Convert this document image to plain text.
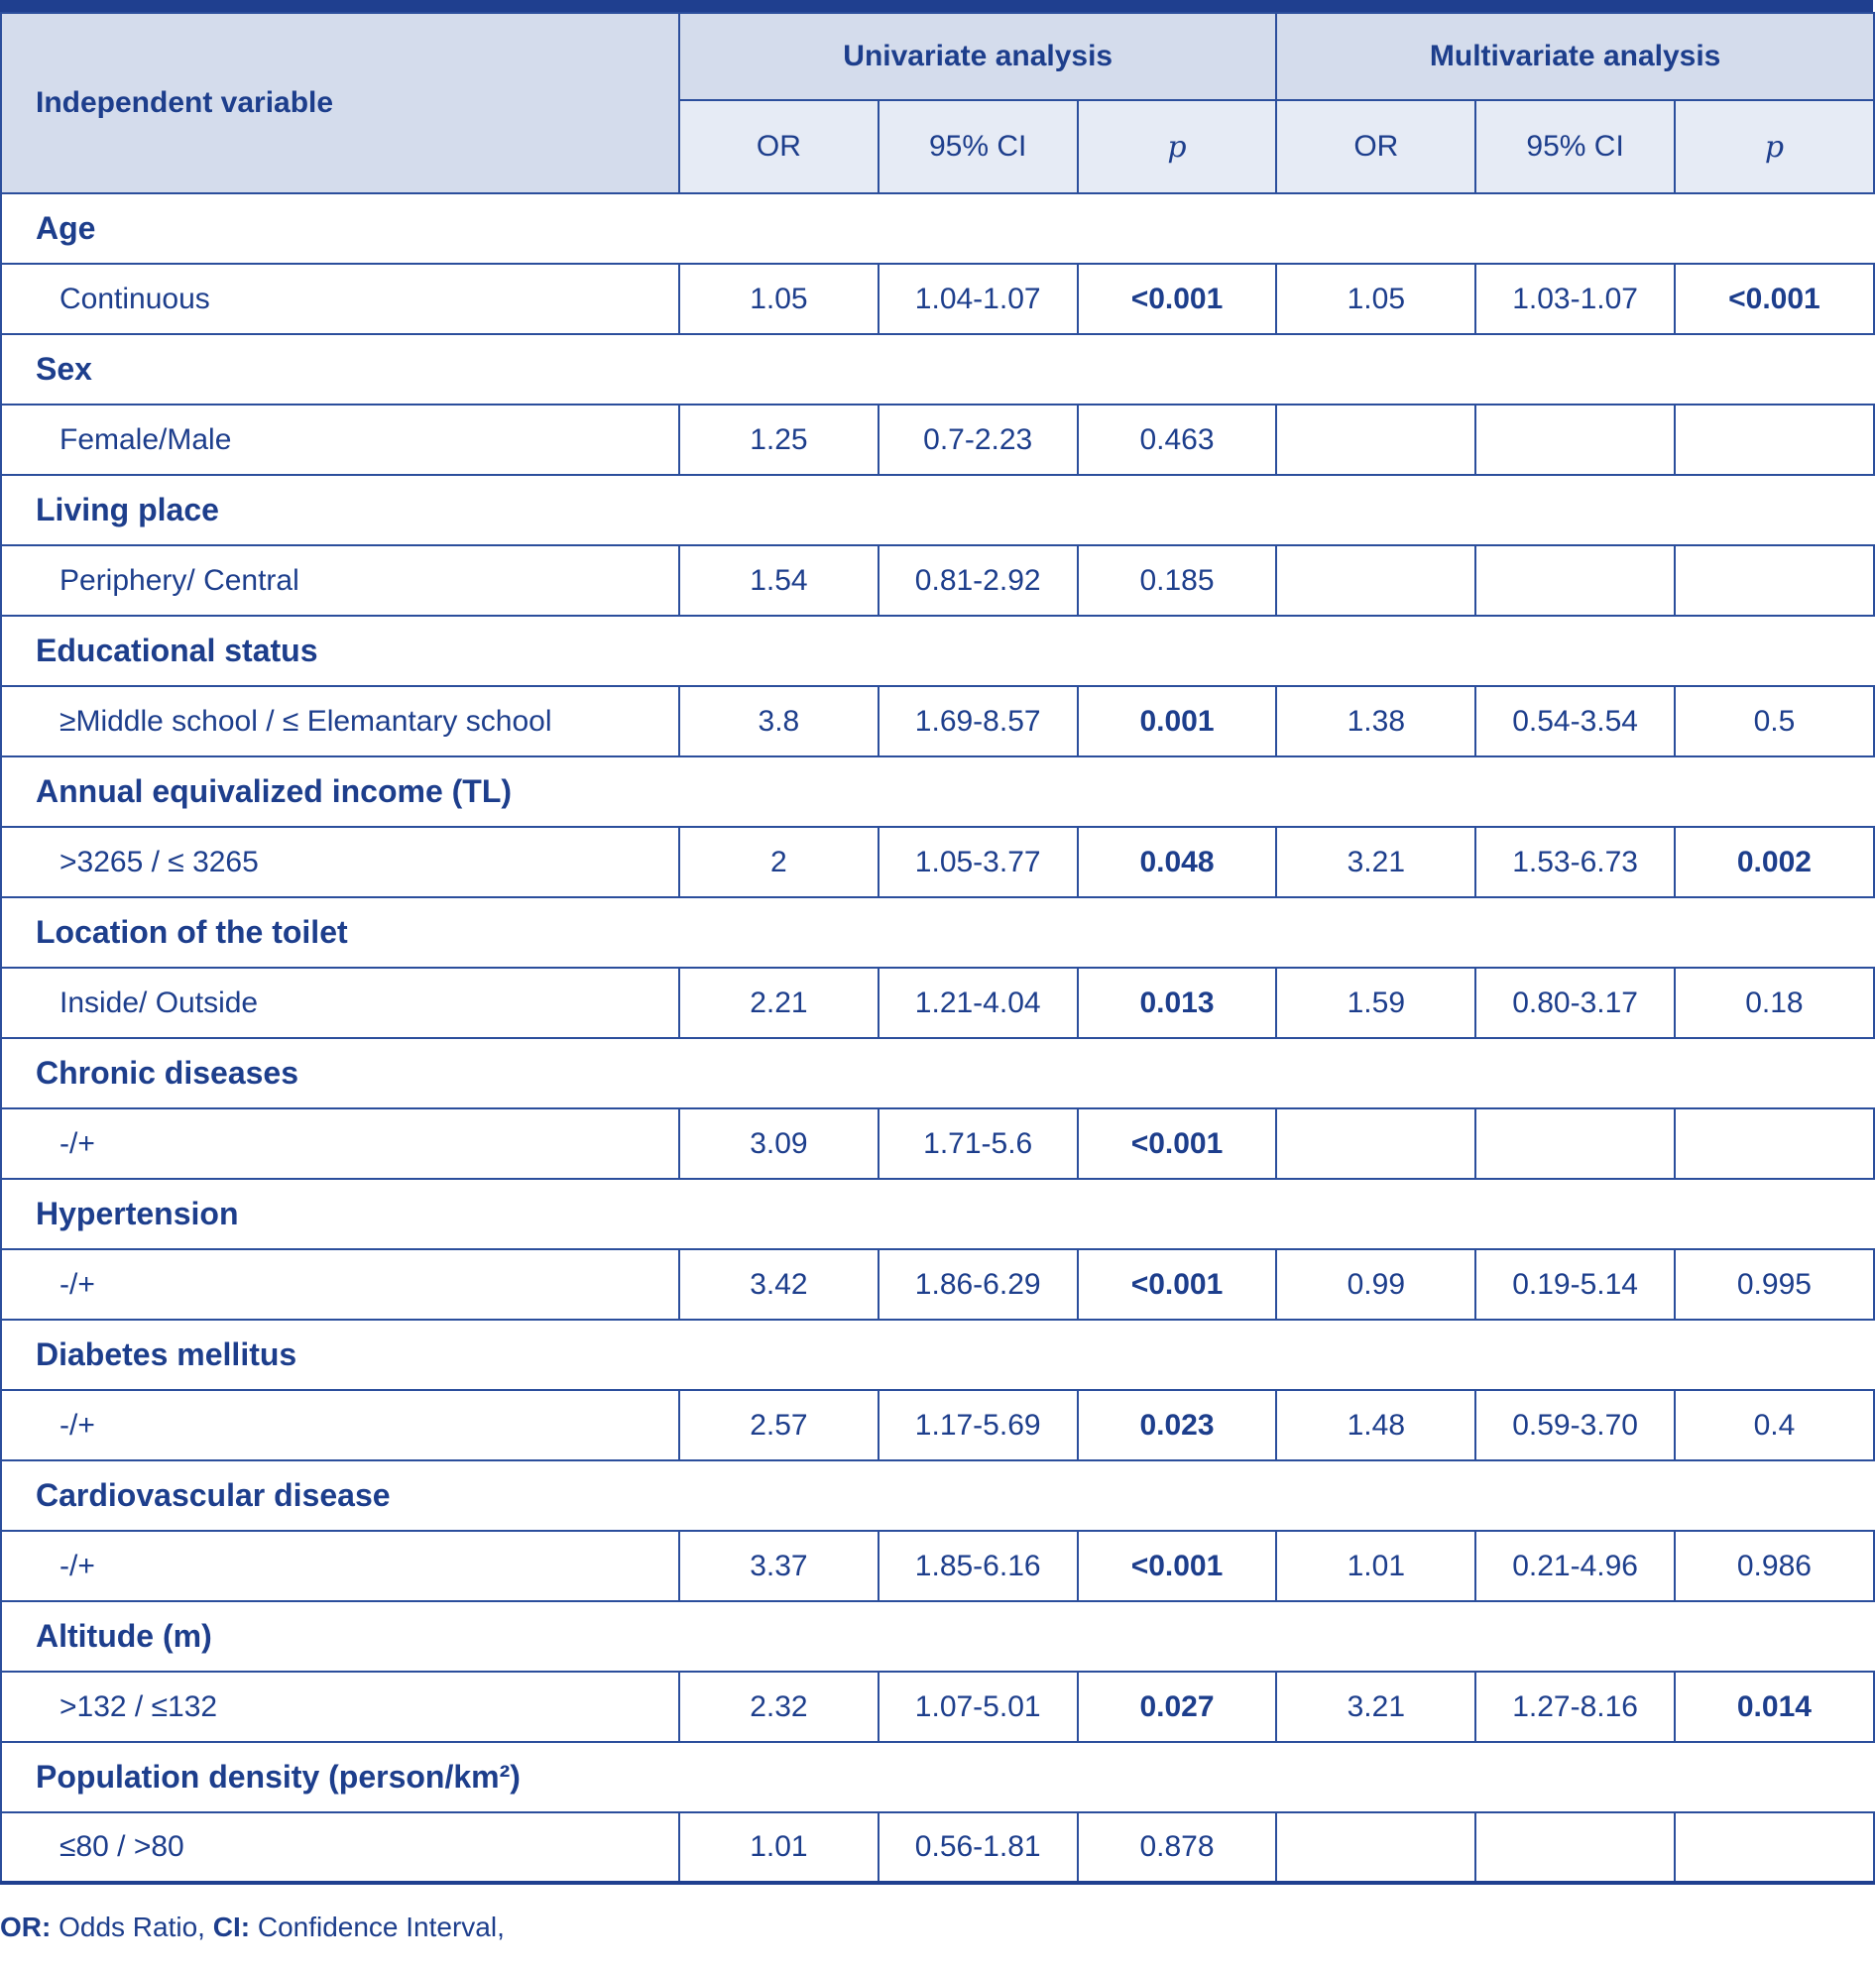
Independent variable	Univariate analysis			Multivariate analysis		
	OR	95% CI	p	OR	95% CI	p
Age						
Continuous	1.05	1.04-1.07	<0.001	1.05	1.03-1.07	<0.001
Sex						
Female/Male	1.25	0.7-2.23	0.463			
Living place						
Periphery/ Central	1.54	0.81-2.92	0.185			
Educational status						
≥Middle school / ≤ Elemantary school	3.8	1.69-8.57	0.001	1.38	0.54-3.54	0.5
Annual equivalized income (TL)						
>3265 / ≤ 3265	2	1.05-3.77	0.048	3.21	1.53-6.73	0.002
Location of the toilet						
Inside/ Outside	2.21	1.21-4.04	0.013	1.59	0.80-3.17	0.18
Chronic diseases						
-/+	3.09	1.71-5.6	<0.001			
Hypertension						
-/+	3.42	1.86-6.29	<0.001	0.99	0.19-5.14	0.995
Diabetes mellitus						
-/+	2.57	1.17-5.69	0.023	1.48	0.59-3.70	0.4
Cardiovascular disease						
-/+	3.37	1.85-6.16	<0.001	1.01	0.21-4.96	0.986
Altitude (m)						
>132 / ≤132	2.32	1.07-5.01	0.027	3.21	1.27-8.16	0.014
Population density (person/km²)						
≤80 / >80	1.01	0.56-1.81	0.878			
OR: Odds Ratio, CI: Confidence Interval,
